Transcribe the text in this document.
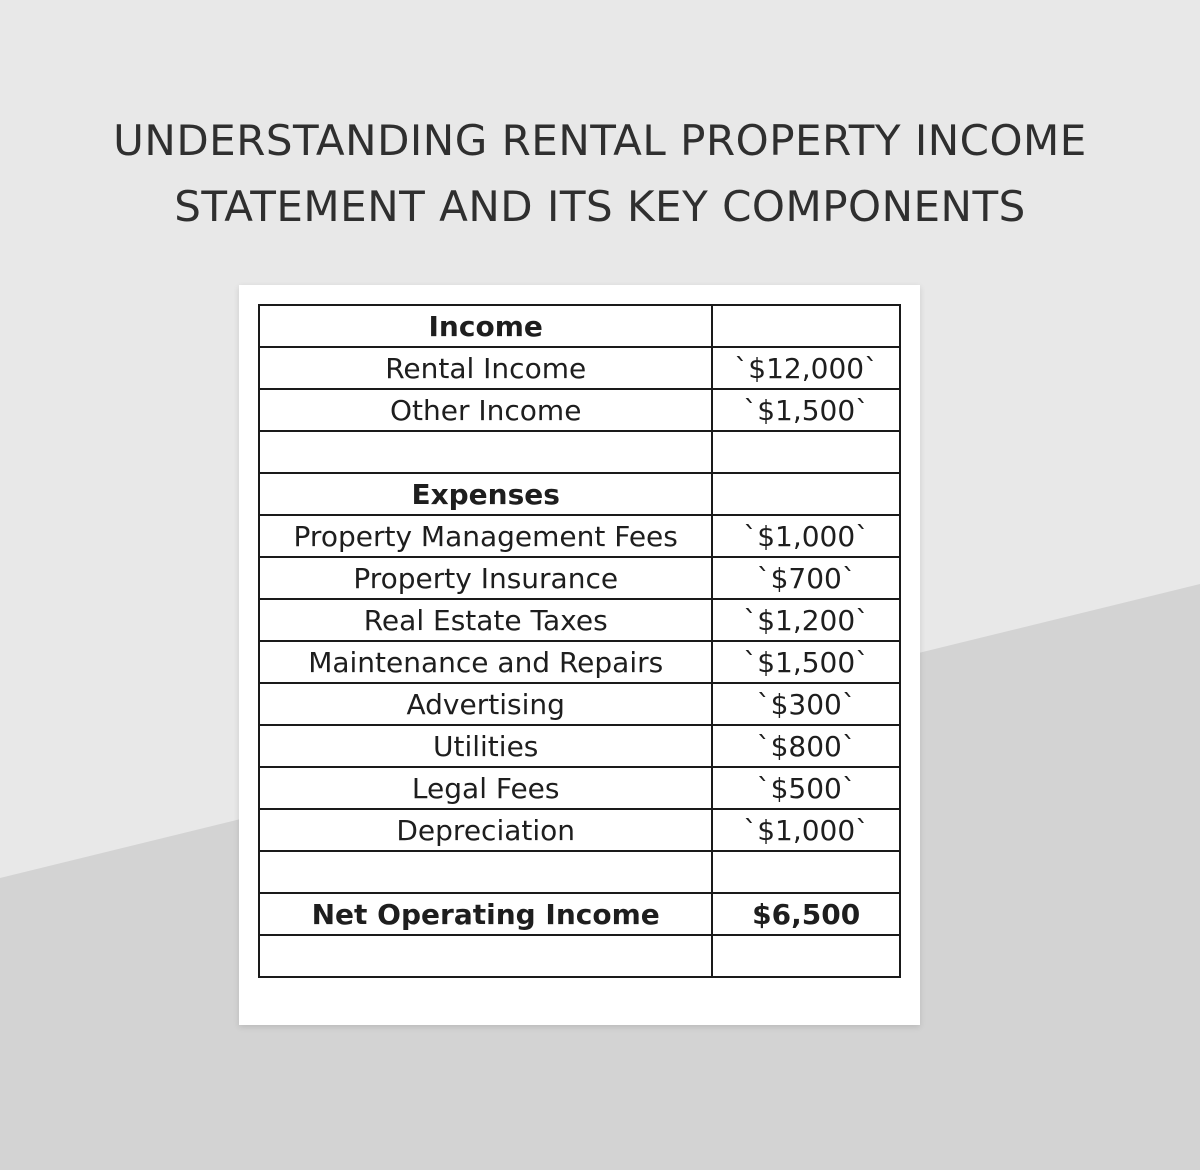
UNDERSTANDING RENTAL PROPERTY INCOME
STATEMENT AND ITS KEY COMPONENTS
Income	
Rental Income	`$12,000`
Other Income	`$1,500`

Expenses	
Property Management Fees	`$1,000`
Property Insurance	`$700`
Real Estate Taxes	`$1,200`
Maintenance and Repairs	`$1,500`
Advertising	`$300`
Utilities	`$800`
Legal Fees	`$500`
Depreciation	`$1,000`

Net Operating Income	$6,500
